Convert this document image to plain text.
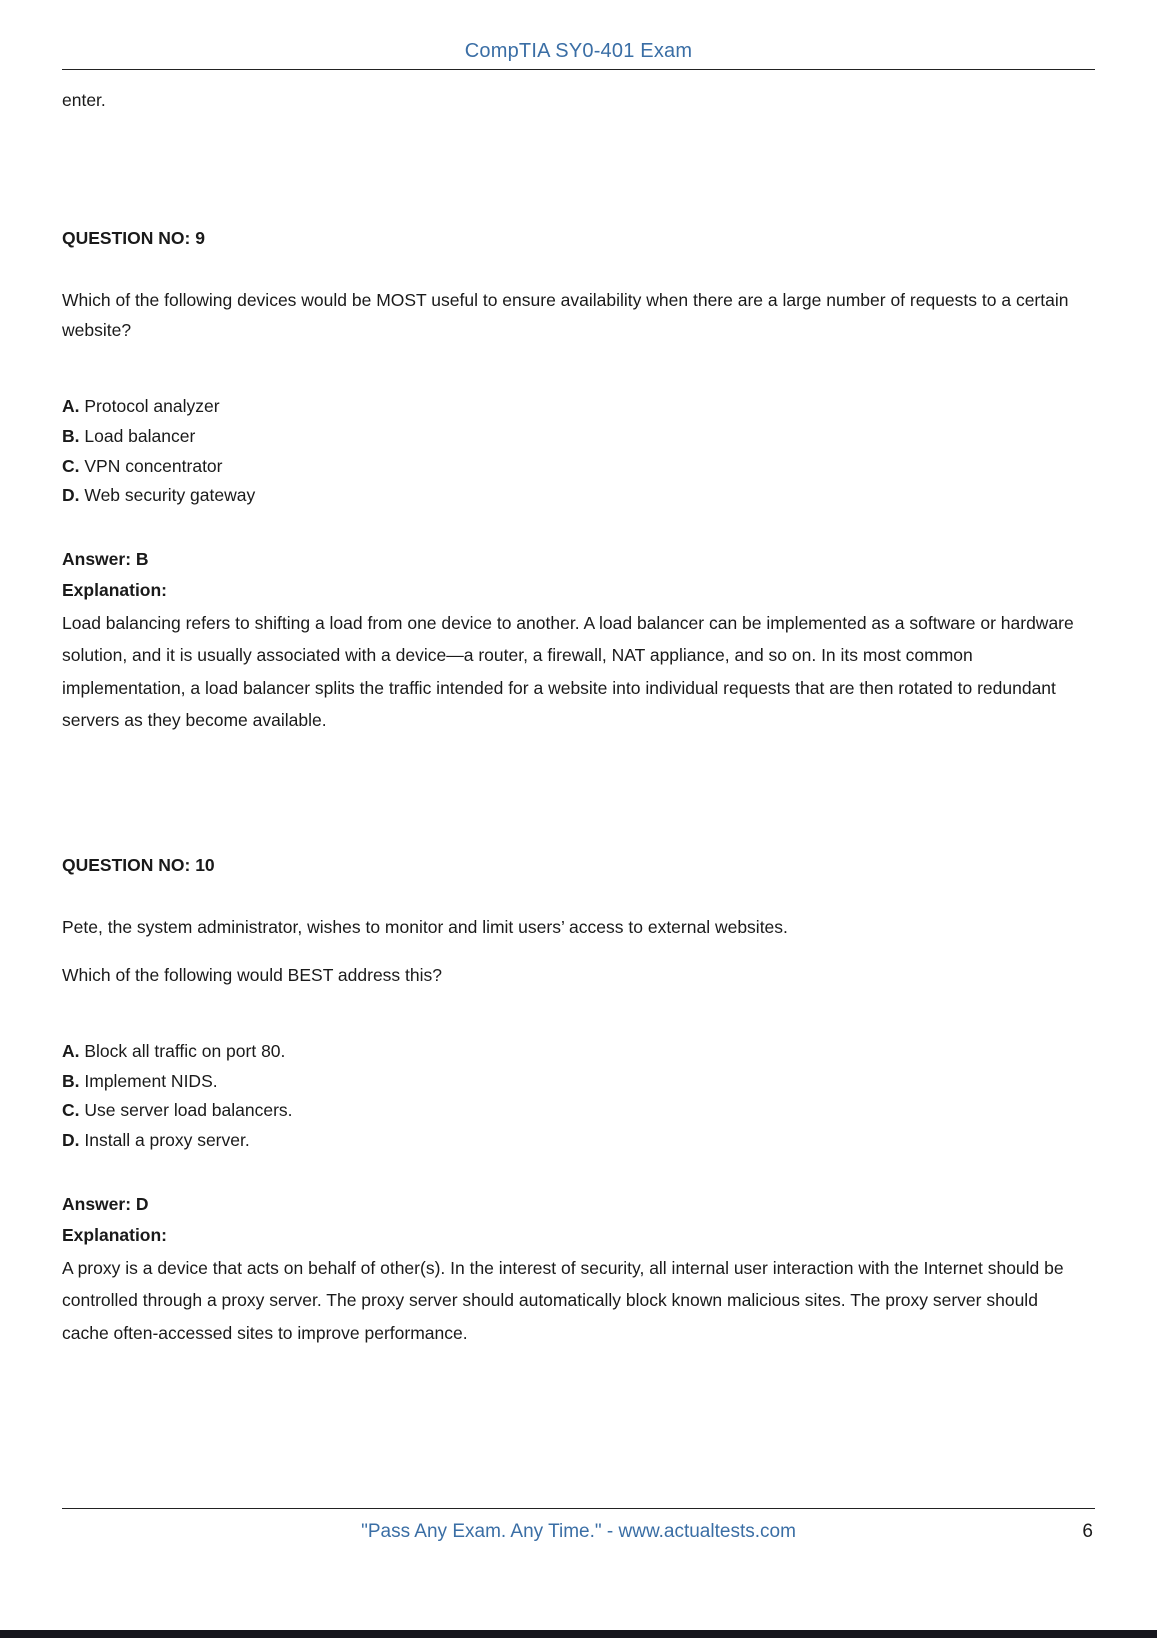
CompTIA SY0-401 Exam

enter.

QUESTION NO: 9

Which of the following devices would be MOST useful to ensure availability when there are a large number of requests to a certain website?

A. Protocol analyzer
B. Load balancer
C. VPN concentrator
D. Web security gateway

Answer: B

Explanation:

Load balancing refers to shifting a load from one device to another. A load balancer can be implemented as a software or hardware solution, and it is usually associated with a device—a router, a firewall, NAT appliance, and so on. In its most common implementation, a load balancer splits the traffic intended for a website into individual requests that are then rotated to redundant servers as they become available.

QUESTION NO: 10

Pete, the system administrator, wishes to monitor and limit users’ access to external websites.

Which of the following would BEST address this?

A. Block all traffic on port 80.
B. Implement NIDS.
C. Use server load balancers.
D. Install a proxy server.

Answer: D

Explanation:

A proxy is a device that acts on behalf of other(s). In the interest of security, all internal user interaction with the Internet should be controlled through a proxy server. The proxy server should automatically block known malicious sites. The proxy server should cache often-accessed sites to improve performance.

"Pass Any Exam. Any Time." - www.actualtests.com	6
